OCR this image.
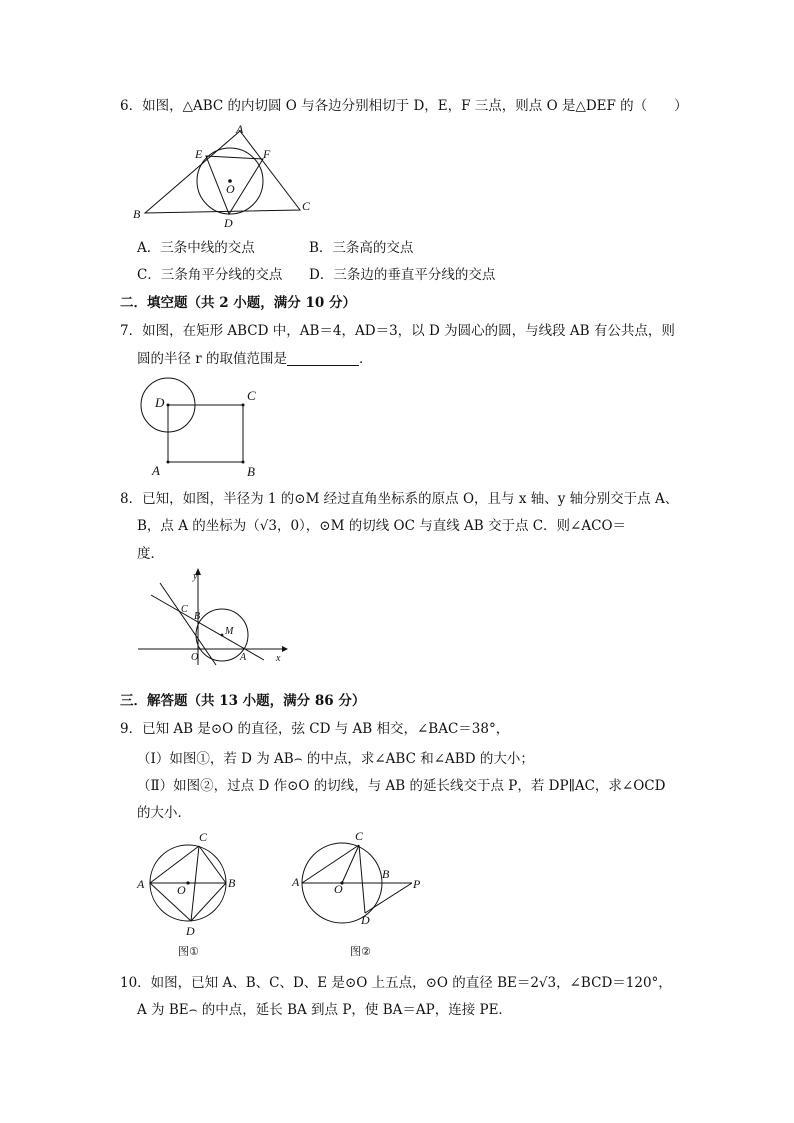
6．如图，△ABC 的内切圆 O 与各边分别相切于 D，E，F 三点，则点 O 是△DEF 的（　　）
A
B
C
D
E	F
O
A．三条中线的交点	B．三条高的交点
C．三条角平分线的交点 D．三条边的垂直平分线的交点
二．填空题（共 2 小题，满分 10 分）
7．如图，在矩形 ABCD 中，AB＝4，AD＝3，以 D 为圆心的圆，与线段 AB 有公共点，则
圆的半径 r 的取值范围是	．
D	C
A	B
8．已知，如图，半径为 1 的⊙M 经过直角坐标系的原点 O，且与 x 轴、y 轴分别交于点 A、
B，点 A 的坐标为（√3，0），⊙M 的切线 OC 与直线 AB 交于点 C．则∠ACO＝
度．
y
x
O	A
B
C
M
三．解答题（共 13 小题，满分 86 分）
9．已知 AB 是⊙O 的直径，弦 CD 与 AB 相交，∠BAC＝38°，
（Ⅰ）如图①，若 D 为 AB⌢ 的中点，求∠ABC 和∠ABD 的大小；
（Ⅱ）如图②，过点 D 作⊙O 的切线，与 AB 的延长线交于点 P，若 DP∥AC，求∠OCD
的大小．
C
A	B
O
D
图①
C
A
B
P
O
D
图②
10．如图，已知 A、B、C、D、E 是⊙O 上五点，⊙O 的直径 BE＝2√3，∠BCD＝120°，
A 为 BE⌢ 的中点，延长 BA 到点 P，使 BA＝AP，连接 PE．
